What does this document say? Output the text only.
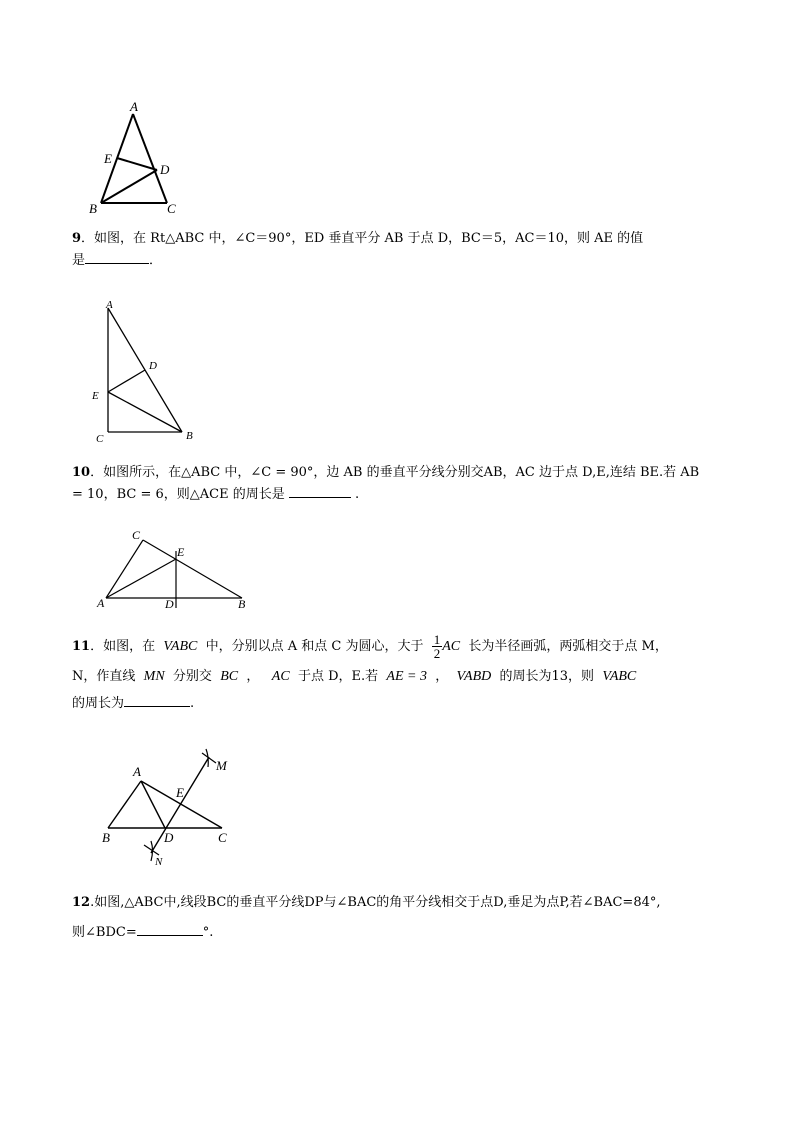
A
E
D
B	C
9．如图，在 Rt△ABC 中，∠C＝90°，ED 垂直平分 AB 于点 D，BC＝5，AC＝10，则 AE 的值
是	．
A
D
E
C	B
10．如图所示，在△ABC 中，∠C = 90°，边 AB 的垂直平分线分别交AB，AC 边于点 D,E,连结 BE.若 AB
= 10，BC = 6，则△ACE 的周长是	.
C
E
A	D	B
11．如图，在 VABC 中，分别以点 A 和点 C 为圆心，大于 $\frac{1}{2}$ AC 长为半径画弧，两弧相交于点 M，
N，作直线 MN 分别交 BC ， AC 于点 D，E.若 AE = 3 ， VABD 的周长为13，则 VABC
的周长为	.
M
A
E
B	D	C
N
12.如图,△ABC中,线段BC的垂直平分线DP与∠BAC的角平分线相交于点D,垂足为点P,若∠BAC=84°,
则∠BDC=	°.
